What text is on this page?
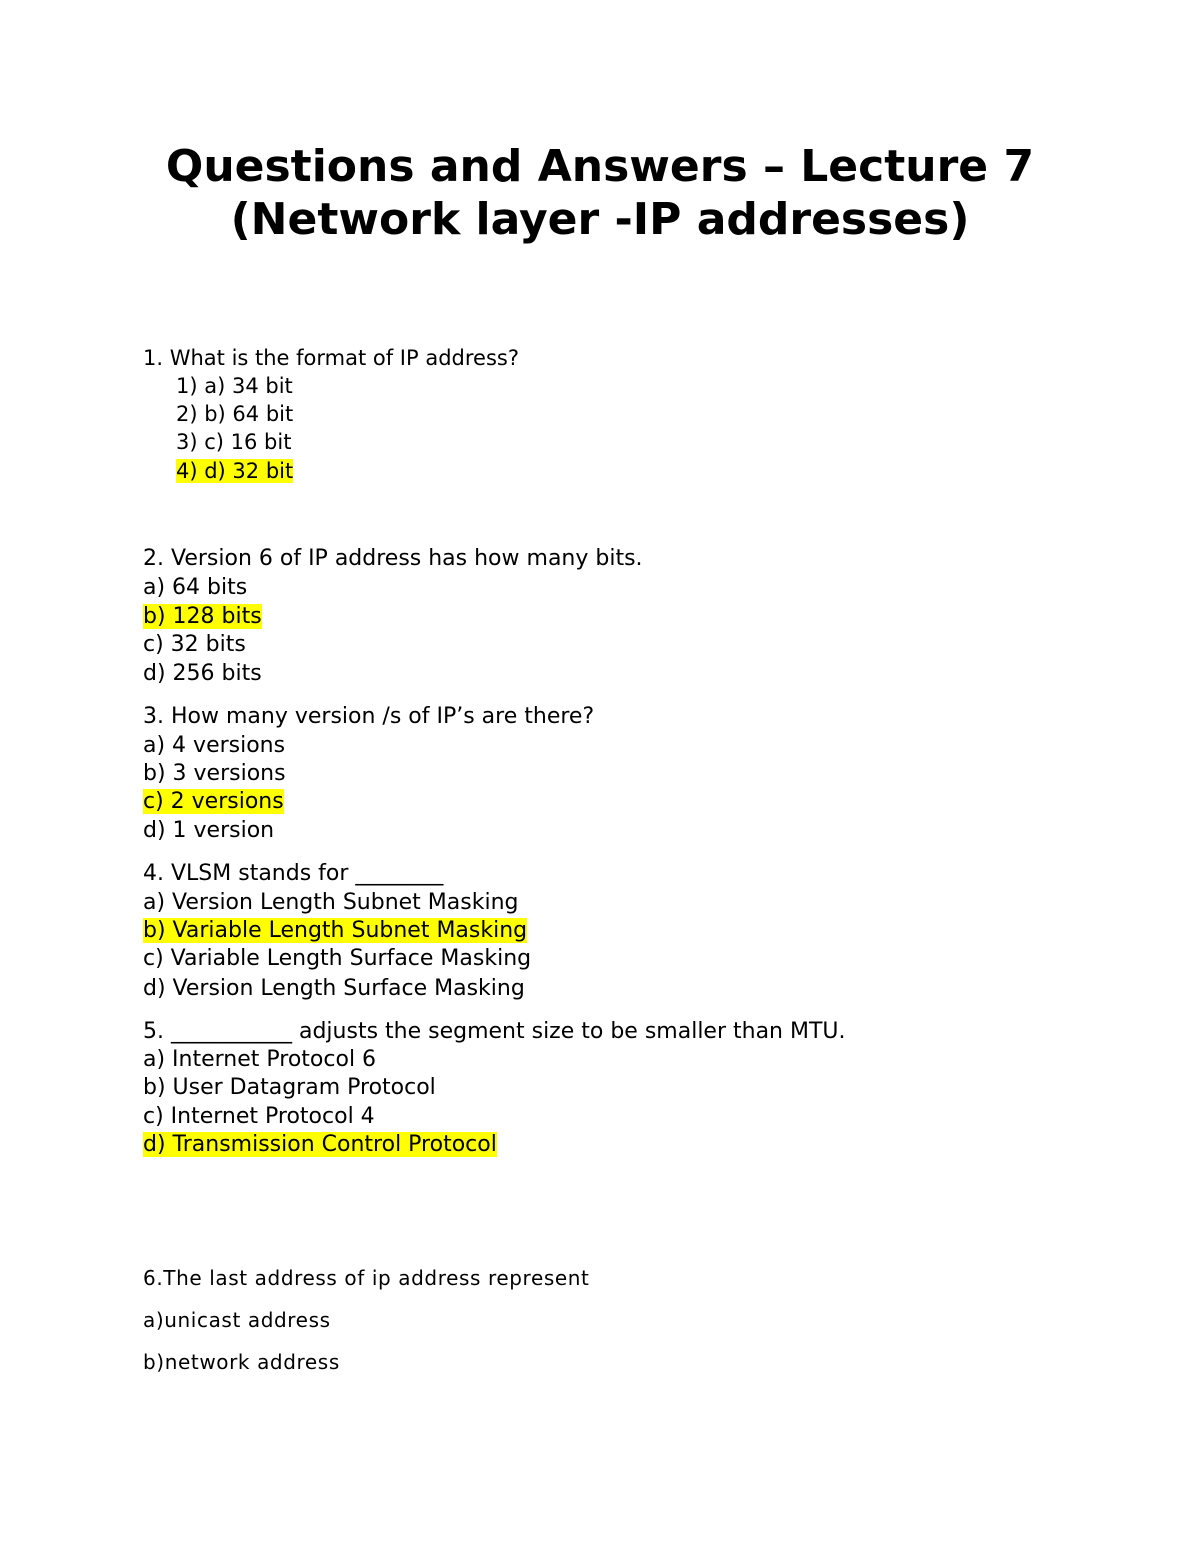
Questions and Answers – Lecture 7
(Network layer -IP addresses)
1. What is the format of IP address?
1) a) 34 bit
2) b) 64 bit
3) c) 16 bit
4) d) 32 bit
2. Version 6 of IP address has how many bits.
a) 64 bits
b) 128 bits
c) 32 bits
d) 256 bits
3. How many version /s of IP’s are there?
a) 4 versions
b) 3 versions
c) 2 versions
d) 1 version
4. VLSM stands for ________
a) Version Length Subnet Masking
b) Variable Length Subnet Masking
c) Variable Length Surface Masking
d) Version Length Surface Masking
5. ___________ adjusts the segment size to be smaller than MTU.
a) Internet Protocol 6
b) User Datagram Protocol
c) Internet Protocol 4
d) Transmission Control Protocol
6.The last address of ip address represent
a)unicast address
b)network address
